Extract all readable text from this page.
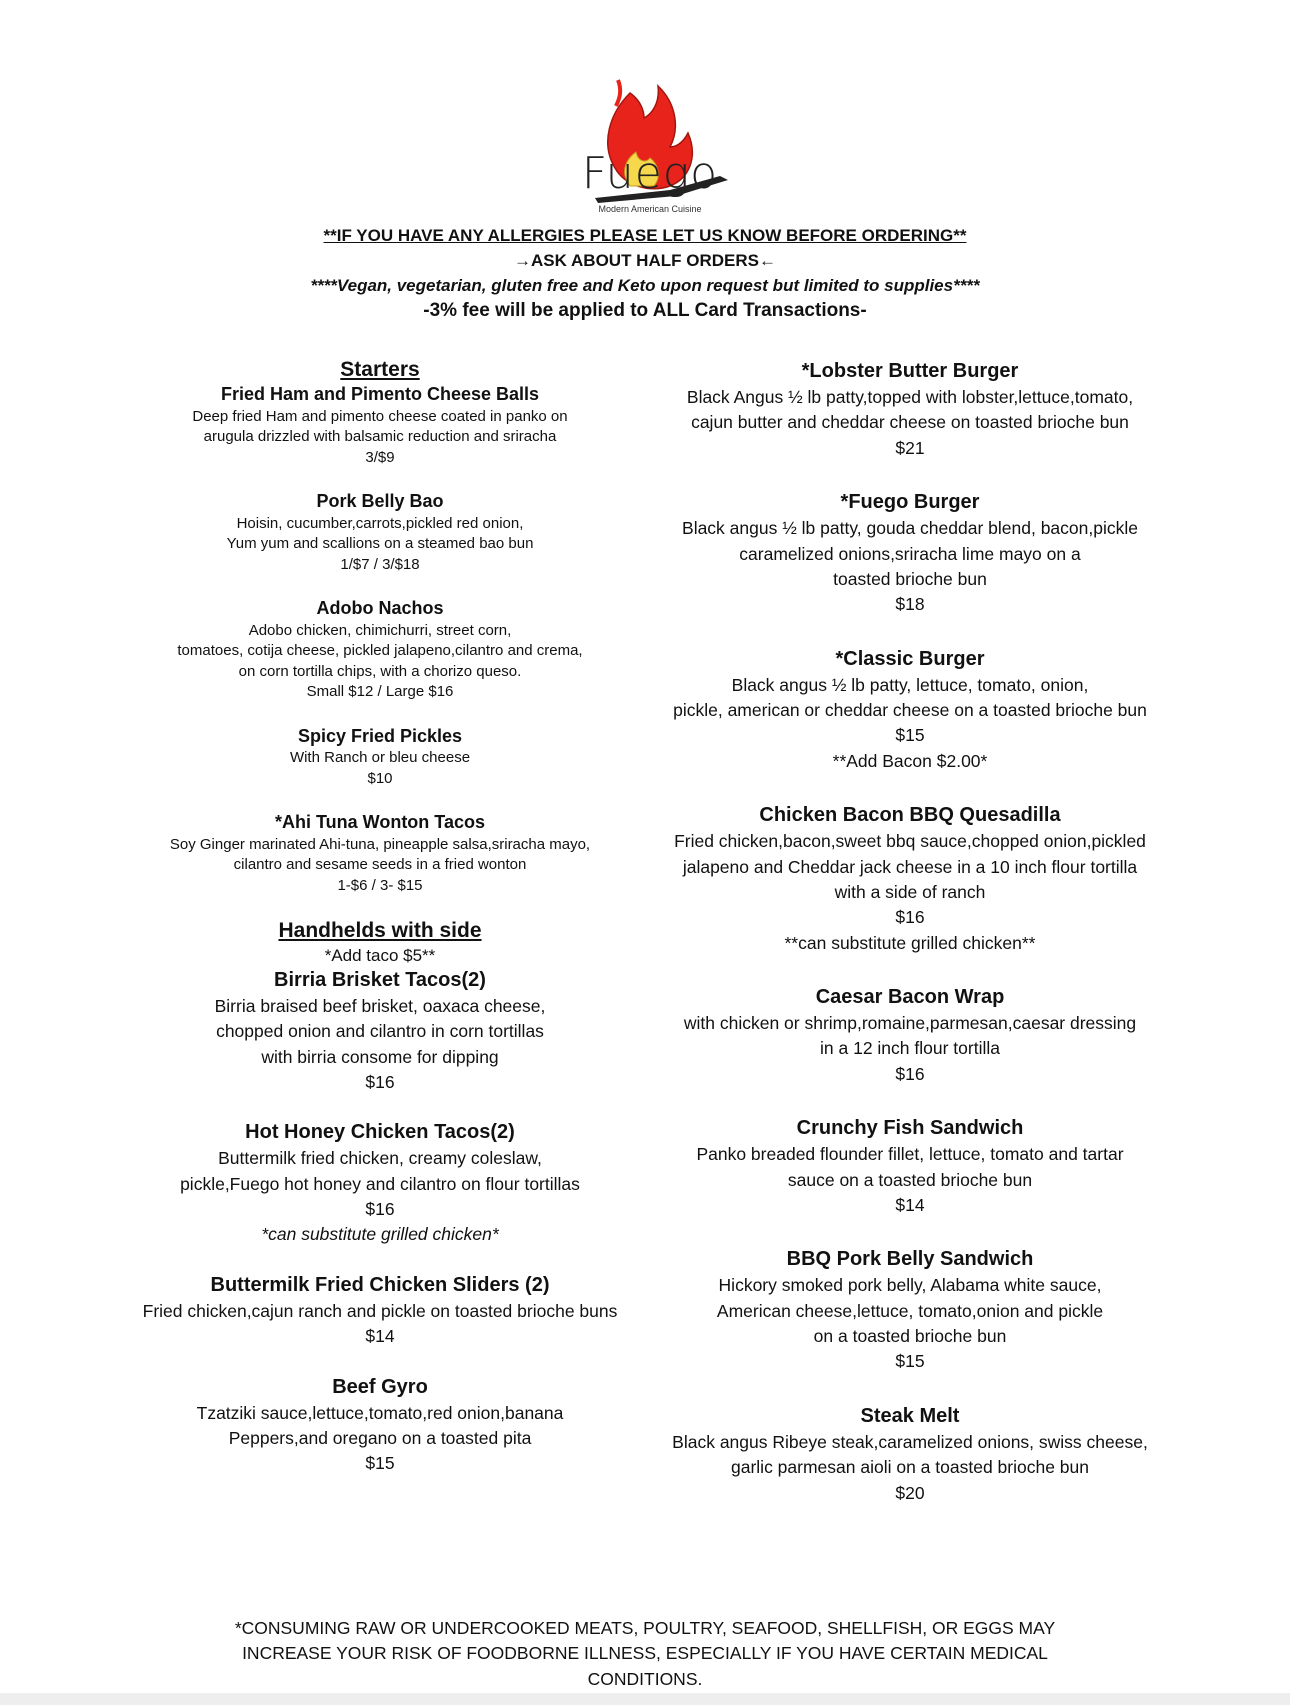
Fuego
Modern American Cuisine
**IF YOU HAVE ANY ALLERGIES PLEASE LET US KNOW BEFORE ORDERING**
→ASK ABOUT HALF ORDERS←
****Vegan, vegetarian, gluten free and Keto upon request but limited to supplies****
-3% fee will be applied to ALL Card Transactions-
Starters
Fried Ham and Pimento Cheese Balls
Deep fried Ham and pimento cheese coated in panko on
arugula drizzled with balsamic reduction and sriracha
3/$9
Pork Belly Bao
Hoisin, cucumber,carrots,pickled red onion,
Yum yum and scallions on a steamed bao bun
1/$7 / 3/$18
Adobo Nachos
Adobo chicken, chimichurri, street corn,
tomatoes, cotija cheese, pickled jalapeno,cilantro and crema,
on corn tortilla chips, with a chorizo queso.
Small $12 / Large $16
Spicy Fried Pickles
With Ranch or bleu cheese
$10
*Ahi Tuna Wonton Tacos
Soy Ginger marinated Ahi-tuna, pineapple salsa,sriracha mayo,
cilantro and sesame seeds in a fried wonton
1-$6 / 3- $15
Handhelds with side
*Add taco $5**
Birria Brisket Tacos(2)
Birria braised beef brisket, oaxaca cheese,
chopped onion and cilantro in corn tortillas
with birria consome for dipping
$16
Hot Honey Chicken Tacos(2)
Buttermilk fried chicken, creamy coleslaw,
pickle,Fuego hot honey and cilantro on flour tortillas
$16
*can substitute grilled chicken*
Buttermilk Fried Chicken Sliders (2)
Fried chicken,cajun ranch and pickle on toasted brioche buns
$14
Beef Gyro
Tzatziki sauce,lettuce,tomato,red onion,banana
Peppers,and oregano on a toasted pita
$15
*Lobster Butter Burger
Black Angus ½ lb patty,topped with lobster,lettuce,tomato,
cajun butter and cheddar cheese on toasted brioche bun
$21
*Fuego Burger
Black angus ½ lb patty, gouda cheddar blend, bacon,pickle
caramelized onions,sriracha lime mayo on a
toasted brioche bun
$18
*Classic Burger
Black angus ½ lb patty, lettuce, tomato, onion,
pickle, american or cheddar cheese on a toasted brioche bun
$15
**Add Bacon $2.00*
Chicken Bacon BBQ Quesadilla
Fried chicken,bacon,sweet bbq sauce,chopped onion,pickled
jalapeno and Cheddar jack cheese in a 10 inch flour tortilla
with a side of ranch
$16
**can substitute grilled chicken**
Caesar Bacon Wrap
with chicken or shrimp,romaine,parmesan,caesar dressing
in a 12 inch flour tortilla
$16
Crunchy Fish Sandwich
Panko breaded flounder fillet, lettuce, tomato and tartar
sauce on a toasted brioche bun
$14
BBQ Pork Belly Sandwich
Hickory smoked pork belly, Alabama white sauce,
American cheese,lettuce, tomato,onion and pickle
on a toasted brioche bun
$15
Steak Melt
Black angus Ribeye steak,caramelized onions, swiss cheese,
garlic parmesan aioli on a toasted brioche bun
$20
*CONSUMING RAW OR UNDERCOOKED MEATS, POULTRY, SEAFOOD, SHELLFISH, OR EGGS MAY
INCREASE YOUR RISK OF FOODBORNE ILLNESS, ESPECIALLY IF YOU HAVE CERTAIN MEDICAL
CONDITIONS.
